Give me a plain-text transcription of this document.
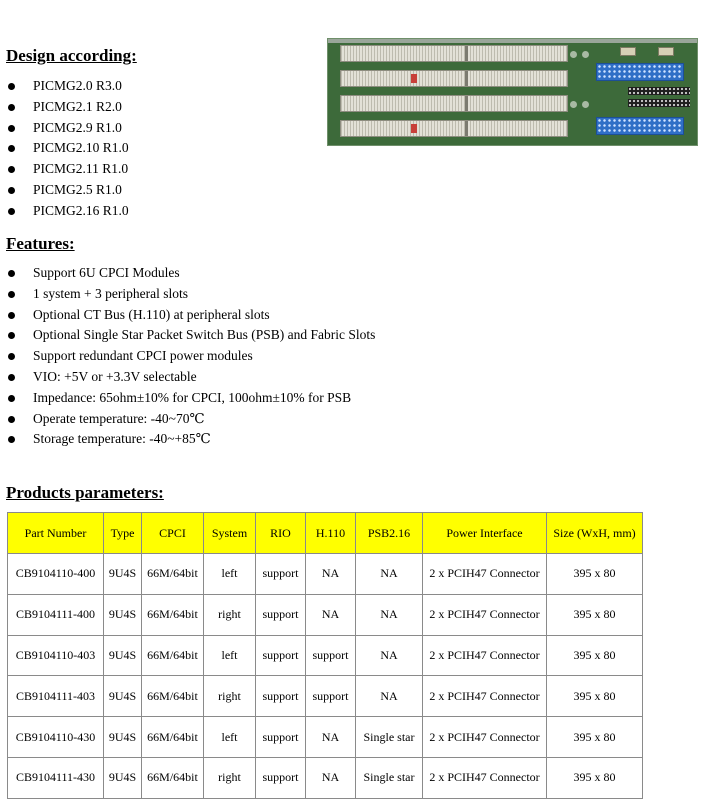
Design according:
PICMG2.0 R3.0
PICMG2.1 R2.0
PICMG2.9 R1.0
PICMG2.10 R1.0
PICMG2.11 R1.0
PICMG2.5 R1.0
PICMG2.16 R1.0
Features:
Support 6U CPCI Modules
1 system + 3 peripheral slots
Optional CT Bus (H.110) at peripheral slots
Optional Single Star Packet Switch Bus (PSB) and Fabric Slots
Support redundant CPCI power modules
VIO: +5V or +3.3V selectable
Impedance: 65ohm±10% for CPCI, 100ohm±10% for PSB
Operate temperature: -40~70℃
Storage temperature: -40~+85℃
Products parameters:
Part Number	Type	CPCI	System	RIO	H.110	PSB2.16	Power Interface	Size (WxH, mm)
CB9104110-400	9U4S	66M/64bit	left	support	NA	NA	2 x PCIH47 Connector	395 x 80
CB9104111-400	9U4S	66M/64bit	right	support	NA	NA	2 x PCIH47 Connector	395 x 80
CB9104110-403	9U4S	66M/64bit	left	support	support	NA	2 x PCIH47 Connector	395 x 80
CB9104111-403	9U4S	66M/64bit	right	support	support	NA	2 x PCIH47 Connector	395 x 80
CB9104110-430	9U4S	66M/64bit	left	support	NA	Single star	2 x PCIH47 Connector	395 x 80
CB9104111-430	9U4S	66M/64bit	right	support	NA	Single star	2 x PCIH47 Connector	395 x 80
